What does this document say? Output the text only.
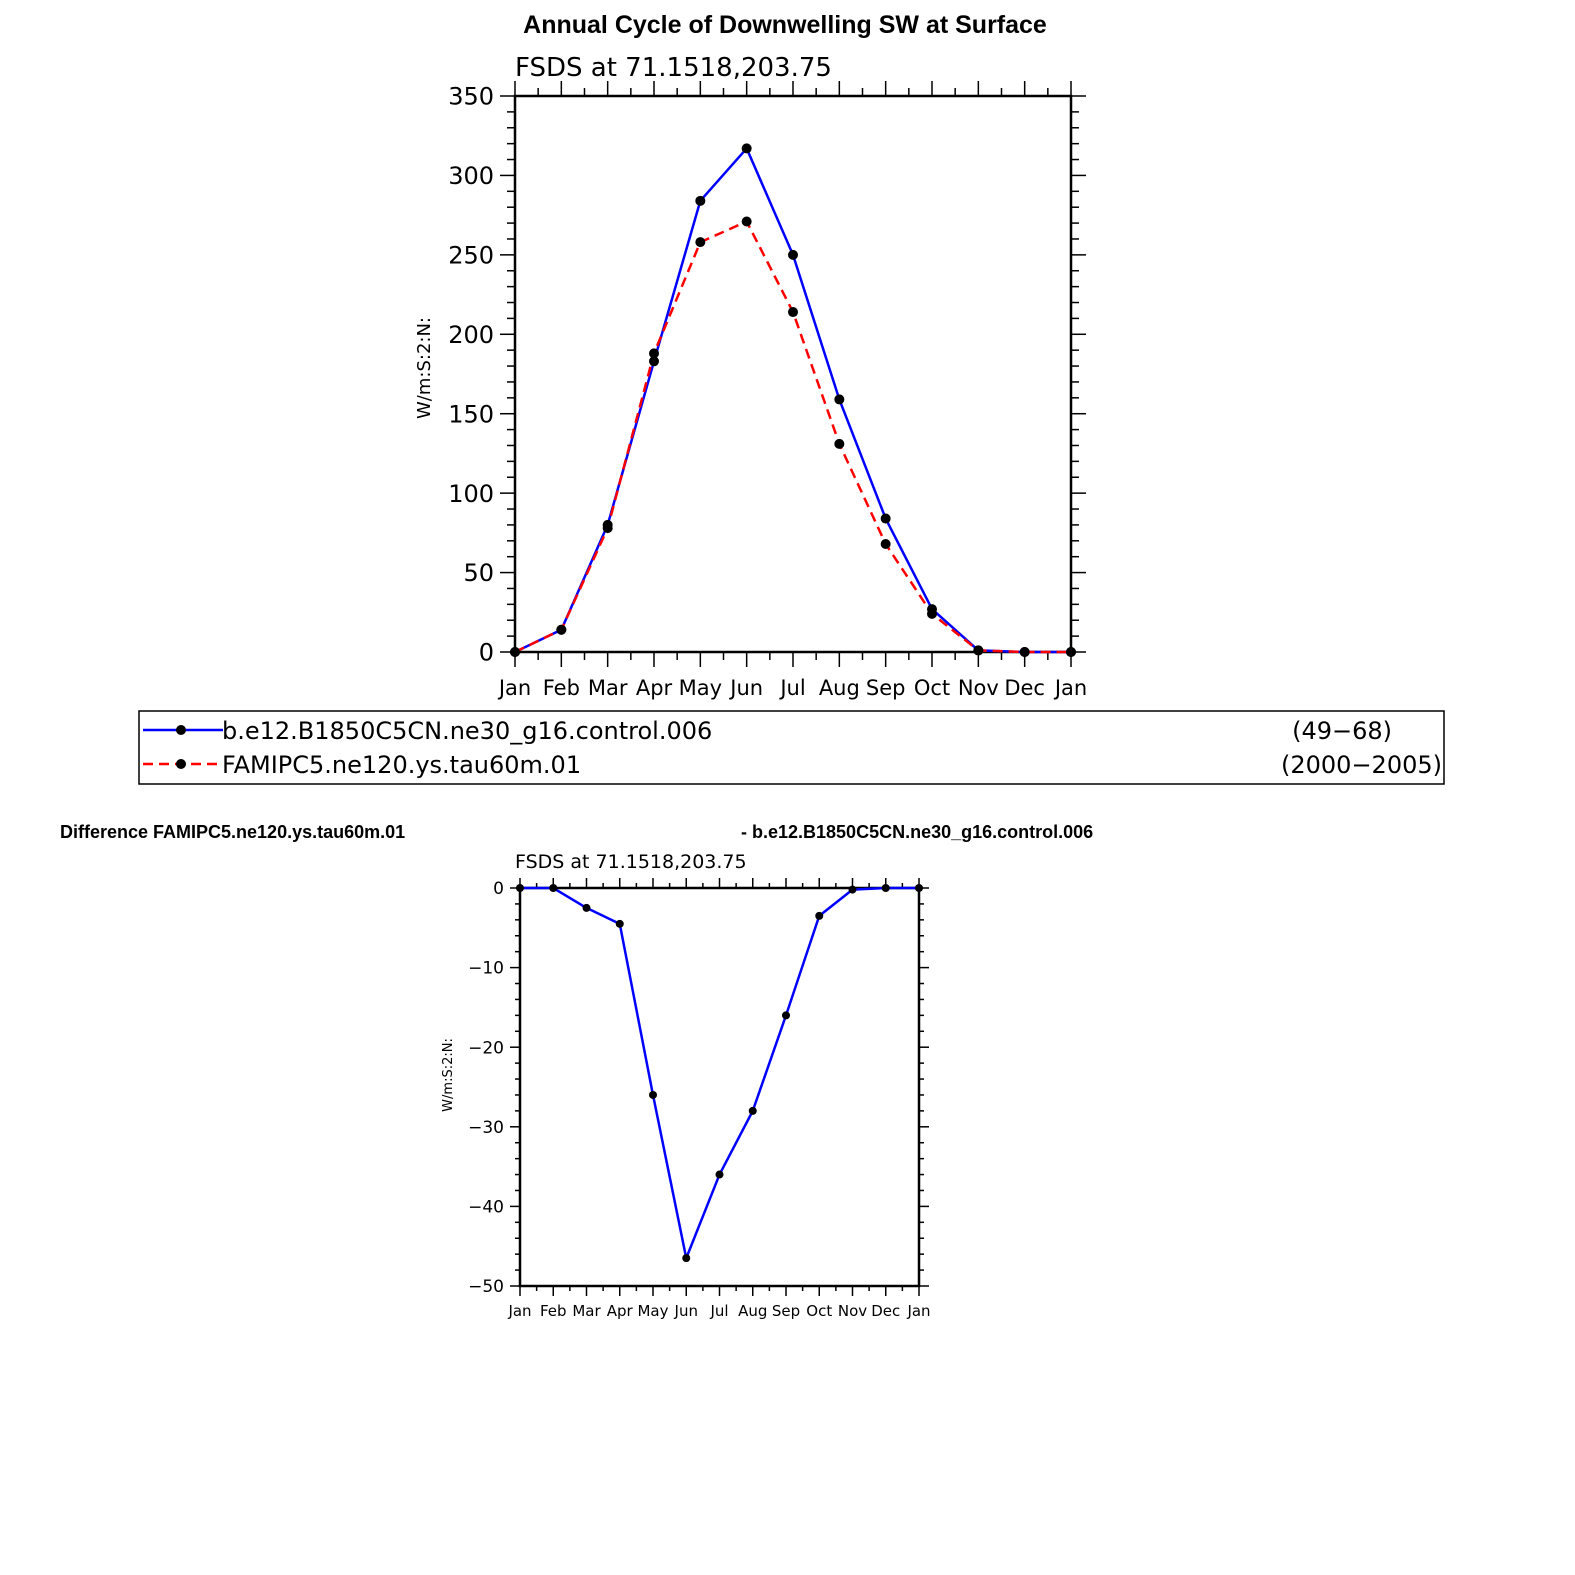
Annual Cycle of Downwelling SW at Surface
FSDS at 71.1518,203.75
W/m:S:2:N:
0
50
100
150
200
250
300
350
Jan Feb Mar Apr May Jun Jul Aug Sep Oct Nov Dec Jan
b.e12.B1850C5CN.ne30_g16.control.006	(49−68)
FAMIPC5.ne120.ys.tau60m.01	(2000−2005)
Difference FAMIPC5.ne120.ys.tau60m.01	- b.e12.B1850C5CN.ne30_g16.control.006
FSDS at 71.1518,203.75
W/m:S:2:N:
0
−10
−20
−30
−40
−50
Jan Feb Mar Apr May Jun Jul Aug Sep Oct Nov Dec Jan
